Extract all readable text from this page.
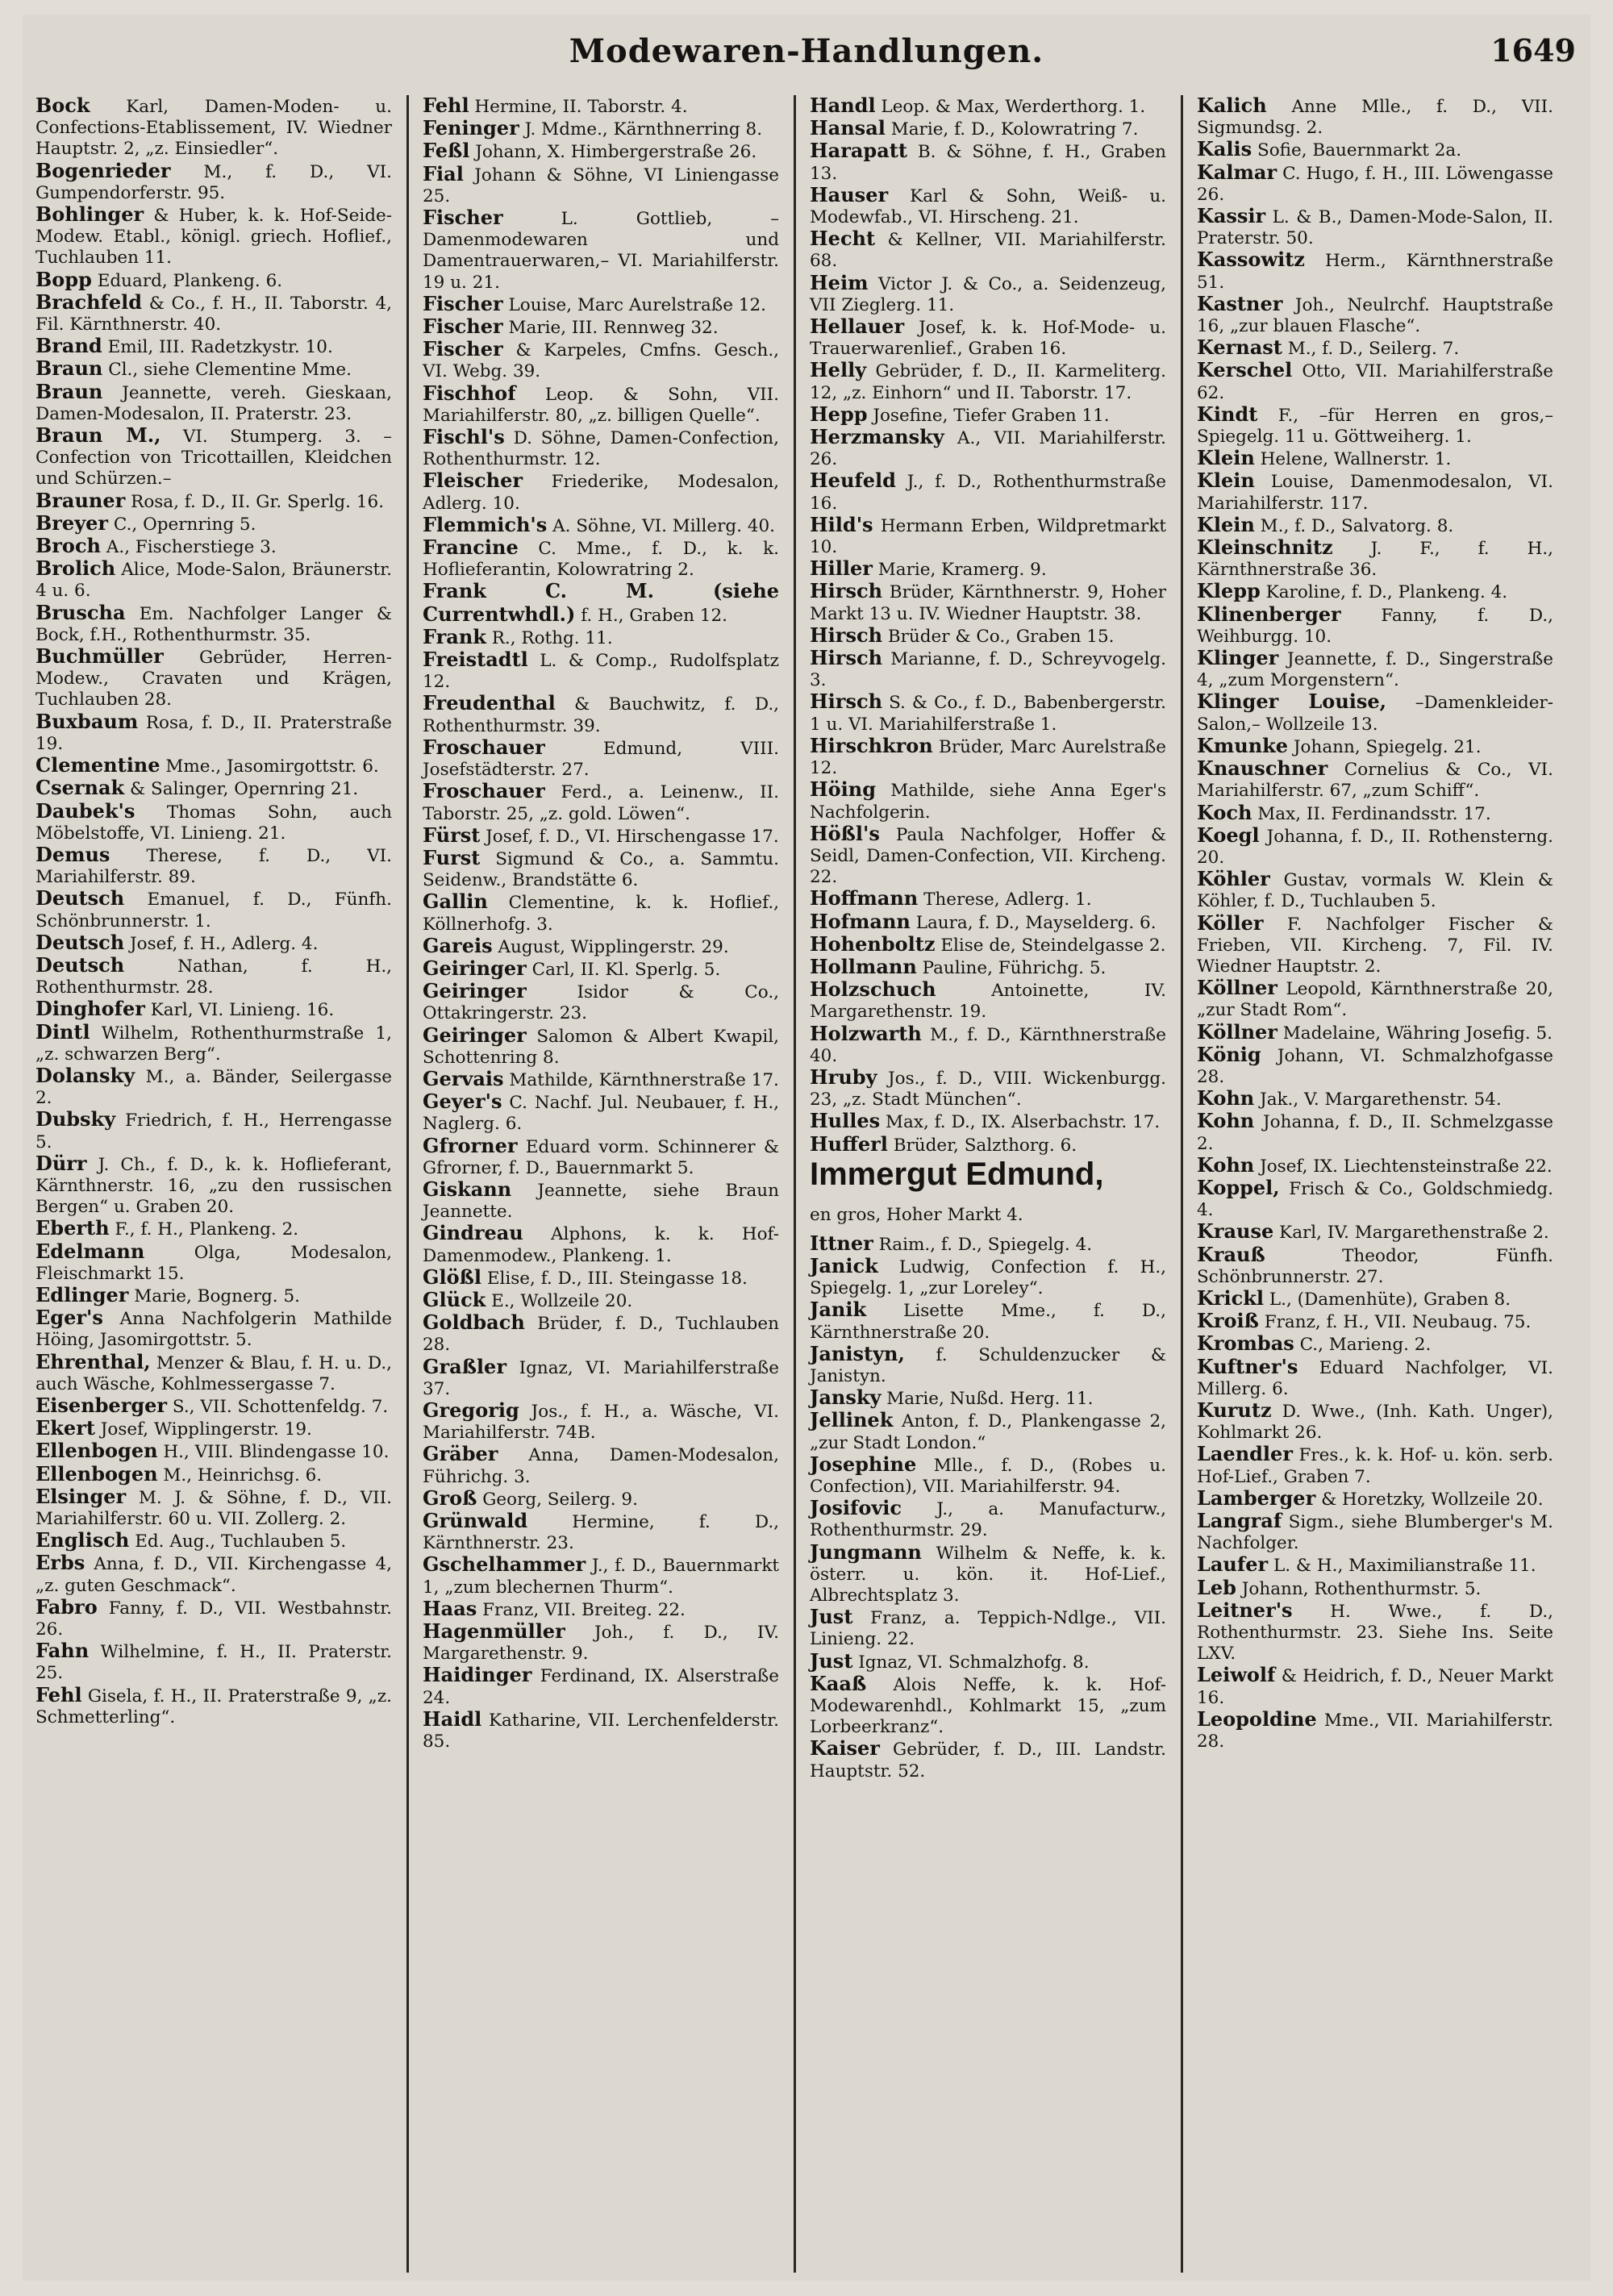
Modewaren-Handlungen.	1649

Bock Karl, Damen-Moden- u. Confections-Etablissement, IV. Wiedner Hauptstr. 2, „z. Einsiedler“.

Bogenrieder M., f. D., VI. Gumpendorferstr. 95.

Bohlinger & Huber, k. k. Hof-Seide-Modew. Etabl., königl. griech. Hoflief., Tuchlauben 11.

Bopp Eduard, Plankeng. 6.

Brachfeld & Co., f. H., II. Taborstr. 4, Fil. Kärnthnerstr. 40.

Brand Emil, III. Radetzkystr. 10.

Braun Cl., siehe Clementine Mme.

Braun Jeannette, vereh. Gieskaan, Damen-Modesalon, II. Praterstr. 23.

Braun M., VI. Stumperg. 3. –Confection von Tricottaillen, Kleidchen und Schürzen.–

Brauner Rosa, f. D., II. Gr. Sperlg. 16.

Breyer C., Opernring 5.

Broch A., Fischerstiege 3.

Brolich Alice, Mode-Salon, Bräunerstr. 4 u. 6.

Bruscha Em. Nachfolger Langer & Bock, f.H., Rothenthurmstr. 35.

Buchmüller Gebrüder, Herren-Modew., Cravaten und Krägen, Tuchlauben 28.

Buxbaum Rosa, f. D., II. Praterstraße 19.

Clementine Mme., Jasomirgottstr. 6.

Csernak & Salinger, Opernring 21.

Daubek's Thomas Sohn, auch Möbelstoffe, VI. Linieng. 21.

Demus Therese, f. D., VI. Mariahilferstr. 89.

Deutsch Emanuel, f. D., Fünfh. Schönbrunnerstr. 1.

Deutsch Josef, f. H., Adlerg. 4.

Deutsch	Nathan, f. H., Rothenthurmstr. 28.

Dinghofer Karl, VI. Linieng. 16.

Dintl Wilhelm, Rothenthurmstraße 1, „z. schwarzen Berg“.

Dolansky M., a. Bänder, Seilergasse 2.

Dubsky Friedrich, f. H., Herrengasse 5.

Dürr J. Ch., f. D., k. k. Hoflieferant, Kärnthnerstr. 16, „zu den russischen Bergen“ u. Graben 20.

Eberth F., f. H., Plankeng. 2.

Edelmann	Olga, Modesalon, Fleischmarkt 15.

Edlinger Marie, Bognerg. 5.

Eger's Anna Nachfolgerin Mathilde Höing, Jasomirgottstr. 5.

Ehrenthal, Menzer & Blau, f. H. u. D., auch Wäsche, Kohlmessergasse 7.

Eisenberger S., VII. Schottenfeldg. 7.

Ekert Josef, Wipplingerstr. 19.

Ellenbogen H., VIII. Blindengasse 10.

Ellenbogen M., Heinrichsg. 6.

Elsinger M. J. & Söhne, f. D., VII. Mariahilferstr. 60 u. VII. Zollerg. 2.

Englisch Ed. Aug., Tuchlauben 5.

Erbs Anna, f. D., VII. Kirchengasse 4, „z. guten Geschmack“.

Fabro Fanny, f. D., VII. Westbahnstr. 26.

Fahn Wilhelmine, f. H., II. Praterstr. 25.

Fehl Gisela, f. H., II. Praterstraße 9, „z. Schmetterling“.

Fehl Hermine, II. Taborstr. 4.

Feninger J. Mdme., Kärnthnerring 8.

Feßl Johann, X. Himbergerstraße 26.

Fial Johann & Söhne, VI Liniengasse 25.

Fischer	L. Gottlieb, –Damenmodewaren und Damentrauerwaren,– VI. Mariahilferstr. 19 u. 21.

Fischer Louise, Marc Aurelstraße 12.

Fischer Marie, III. Rennweg 32.

Fischer & Karpeles, Cmfns. Gesch., VI. Webg. 39.

Fischhof Leop. & Sohn, VII. Mariahilferstr. 80, „z. billigen Quelle“.

Fischl's D. Söhne, Damen-Confection, Rothenthurmstr. 12.

Fleischer Friederike, Modesalon, Adlerg. 10.

Flemmich's A. Söhne, VI. Millerg. 40.

Francine C. Mme., f. D., k. k. Hoflieferantin, Kolowratring 2.

Frank C. M. (siehe Currentwhdl.) f. H., Graben 12.

Frank R., Rothg. 11.

Freistadtl L. & Comp., Rudolfsplatz 12.

Freudenthal & Bauchwitz, f. D., Rothenthurmstr. 39.

Froschauer	Edmund, VIII. Josefstädterstr. 27.

Froschauer Ferd., a. Leinenw., II. Taborstr. 25, „z. gold. Löwen“.

Fürst Josef, f. D., VI. Hirschengasse 17.

Furst Sigmund & Co., a. Sammtu. Seidenw., Brandstätte 6.

Gallin Clementine, k. k. Hoflief., Köllnerhofg. 3.

Gareis August, Wipplingerstr. 29.

Geiringer Carl, II. Kl. Sperlg. 5.

Geiringer	Isidor & Co., Ottakringerstr. 23.

Geiringer Salomon & Albert Kwapil, Schottenring 8.

Gervais Mathilde, Kärnthnerstraße 17.

Geyer's C. Nachf. Jul. Neubauer, f. H., Naglerg. 6.

Gfrorner Eduard vorm. Schinnerer & Gfrorner, f. D., Bauernmarkt 5.

Giskann Jeannette, siehe Braun Jeannette.

Gindreau Alphons, k. k. Hof-Damenmodew., Plankeng. 1.

Glößl Elise, f. D., III. Steingasse 18.

Glück E., Wollzeile 20.

Goldbach Brüder, f. D., Tuchlauben 28.

Graßler Ignaz, VI. Mariahilferstraße 37.

Gregorig Jos., f. H., a. Wäsche, VI. Mariahilferstr. 74B.

Gräber Anna, Damen-Modesalon, Führichg. 3.

Groß Georg, Seilerg. 9.

Grünwald	Hermine, f. D., Kärnthnerstr. 23.

Gschelhammer J., f. D., Bauernmarkt 1, „zum blechernen Thurm“.

Haas Franz, VII. Breiteg. 22.

Hagenmüller Joh., f. D., IV. Margarethenstr. 9.

Haidinger Ferdinand, IX. Alserstraße 24.

Haidl Katharine, VII. Lerchenfelderstr. 85.

Handl Leop. & Max, Werderthorg. 1.

Hansal Marie, f. D., Kolowratring 7.

Harapatt B. & Söhne, f. H., Graben 13.

Hauser Karl & Sohn, Weiß- u. Modewfab., VI. Hirscheng. 21.

Hecht & Kellner, VII. Mariahilferstr. 68.

Heim Victor J. & Co., a. Seidenzeug, VII Zieglerg. 11.

Hellauer Josef, k. k. Hof-Mode- u. Trauerwarenlief., Graben 16.

Helly Gebrüder, f. D., II. Karmeliterg. 12, „z. Einhorn“ und II. Taborstr. 17.

Hepp Josefine, Tiefer Graben 11.

Herzmansky A., VII. Mariahilferstr. 26.

Heufeld J., f. D., Rothenthurmstraße 16.

Hild's Hermann Erben, Wildpretmarkt 10.

Hiller Marie, Kramerg. 9.

Hirsch Brüder, Kärnthnerstr. 9, Hoher Markt 13 u. IV. Wiedner Hauptstr. 38.

Hirsch Brüder & Co., Graben 15.

Hirsch Marianne, f. D., Schreyvogelg. 3.

Hirsch S. & Co., f. D., Babenbergerstr. 1 u. VI. Mariahilferstraße 1.

Hirschkron Brüder, Marc Aurelstraße 12.

Höing Mathilde, siehe Anna Eger's Nachfolgerin.

Hößl's Paula Nachfolger, Hoffer & Seidl, Damen-Confection, VII. Kircheng. 22.

Hoffmann Therese, Adlerg. 1.

Hofmann Laura, f. D., Mayselderg. 6.

Hohenboltz Elise de, Steindelgasse 2.

Hollmann Pauline, Führichg. 5.

Holzschuch	Antoinette, IV. Margarethenstr. 19.

Holzwarth M., f. D., Kärnthnerstraße 40.

Hruby Jos., f. D., VIII. Wickenburgg. 23, „z. Stadt München“.

Hulles Max, f. D., IX. Alserbachstr. 17.

Hufferl Brüder, Salzthorg. 6.

Immergut Edmund,
en gros, Hoher Markt 4.

Ittner Raim., f. D., Spiegelg. 4.

Janick Ludwig, Confection f. H., Spiegelg. 1, „zur Loreley“.

Janik Lisette Mme., f. D., Kärnthnerstraße 20.

Janistyn, f. Schuldenzucker & Janistyn.

Jansky Marie, Nußd. Herg. 11.

Jellinek Anton, f. D., Plankengasse 2, „zur Stadt London.“

Josephine Mlle., f. D., (Robes u. Confection), VII. Mariahilferstr. 94.

Josifovic J., a. Manufacturw., Rothenthurmstr. 29.

Jungmann Wilhelm & Neffe, k. k. österr. u. kön. it. Hof-Lief., Albrechtsplatz 3.

Just Franz, a. Teppich-Ndlge., VII. Linieng. 22.

Just Ignaz, VI. Schmalzhofg. 8.

Kaaß Alois Neffe, k. k. Hof-Modewarenhdl., Kohlmarkt 15, „zum Lorbeerkranz“.

Kaiser Gebrüder, f. D., III. Landstr. Hauptstr. 52.

Kalich Anne Mlle., f. D., VII. Sigmundsg. 2.

Kalis Sofie, Bauernmarkt 2a.

Kalmar C. Hugo, f. H., III. Löwengasse 26.

Kassir L. & B., Damen-Mode-Salon, II. Praterstr. 50.

Kassowitz Herm., Kärnthnerstraße 51.

Kastner Joh., Neulrchf. Hauptstraße 16, „zur blauen Flasche“.

Kernast M., f. D., Seilerg. 7.

Kerschel Otto, VII. Mariahilferstraße 62.

Kindt F., –für Herren en gros,– Spiegelg. 11 u. Göttweiherg. 1.

Klein Helene, Wallnerstr. 1.

Klein Louise, Damenmodesalon, VI. Mariahilferstr. 117.

Klein M., f. D., Salvatorg. 8.

Kleinschnitz J. F., f. H., Kärnthnerstraße 36.

Klepp Karoline, f. D., Plankeng. 4.

Klinenberger Fanny, f. D., Weihburgg. 10.

Klinger Jeannette, f. D., Singerstraße 4, „zum Morgenstern“.

Klinger Louise, –Damenkleider-Salon,– Wollzeile 13.

Kmunke Johann, Spiegelg. 21.

Knauschner Cornelius & Co., VI. Mariahilferstr. 67, „zum Schiff“.

Koch Max, II. Ferdinandsstr. 17.

Koegl Johanna, f. D., II. Rothensterng. 20.

Köhler Gustav, vormals W. Klein & Köhler, f. D., Tuchlauben 5.

Köller F. Nachfolger Fischer & Frieben, VII. Kircheng. 7, Fil. IV. Wiedner Hauptstr. 2.

Köllner Leopold, Kärnthnerstraße 20, „zur Stadt Rom“.

Köllner Madelaine, Währing Josefig. 5.

König Johann, VI. Schmalzhofgasse 28.

Kohn Jak., V. Margarethenstr. 54.

Kohn Johanna, f. D., II. Schmelzgasse 2.

Kohn Josef, IX. Liechtensteinstraße 22.

Koppel, Frisch & Co., Goldschmiedg. 4.

Krause Karl, IV. Margarethenstraße 2.

Krauß	Theodor, Fünfh. Schönbrunnerstr. 27.

Krickl L., (Damenhüte), Graben 8.

Kroiß Franz, f. H., VII. Neubaug. 75.

Krombas C., Marieng. 2.

Kuftner's Eduard Nachfolger, VI. Millerg. 6.

Kurutz D. Wwe., (Inh. Kath. Unger), Kohlmarkt 26.

Laendler Fres., k. k. Hof- u. kön. serb. Hof-Lief., Graben 7.

Lamberger & Horetzky, Wollzeile 20.

Langraf Sigm., siehe Blumberger's M. Nachfolger.

Laufer L. & H., Maximilianstraße 11.

Leb Johann, Rothenthurmstr. 5.

Leitner's H. Wwe., f. D., Rothenthurmstr. 23. Siehe Ins. Seite LXV.

Leiwolf & Heidrich, f. D., Neuer Markt 16.

Leopoldine Mme., VII. Mariahilferstr. 28.
